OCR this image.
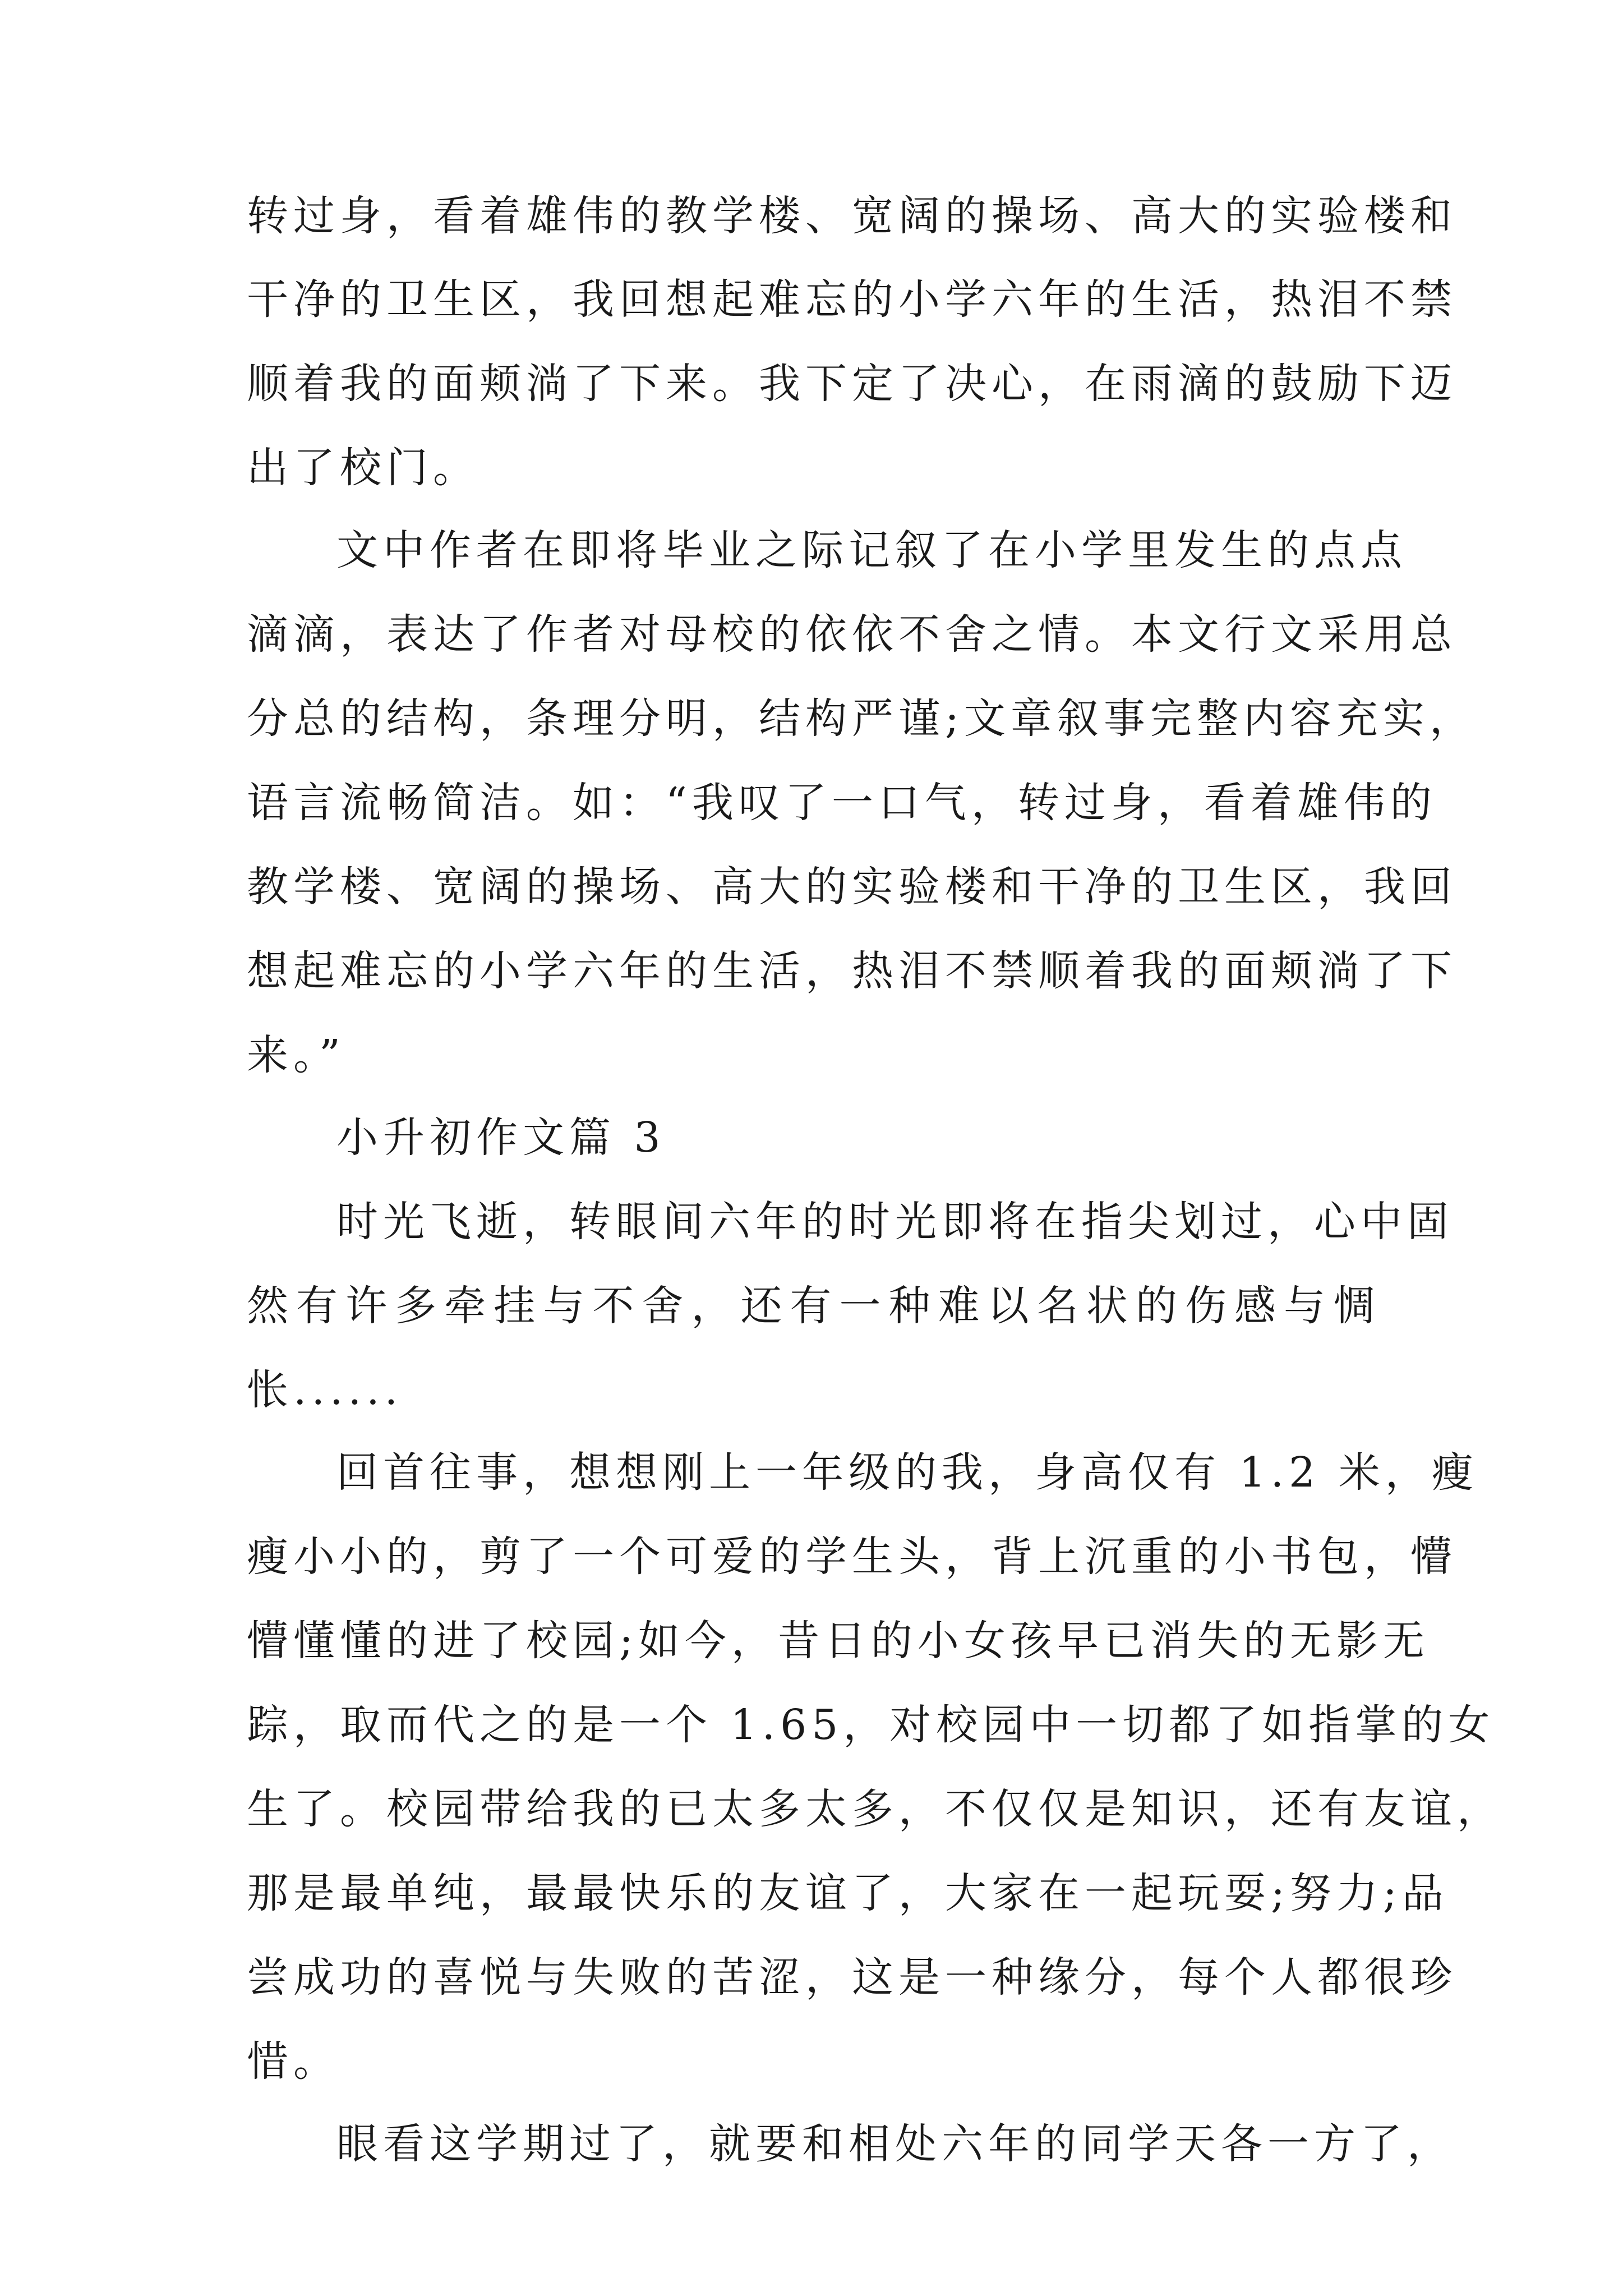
转过身，看着雄伟的教学楼、宽阔的操场、高大的实验楼和
干净的卫生区，我回想起难忘的小学六年的生活，热泪不禁
顺着我的面颊淌了下来。我下定了决心，在雨滴的鼓励下迈
出了校门。
文中作者在即将毕业之际记叙了在小学里发生的点点
滴滴，表达了作者对母校的依依不舍之情。本文行文采用总
分总的结构，条理分明，结构严谨;文章叙事完整内容充实，
语言流畅简洁。如：“我叹了一口气，转过身，看着雄伟的
教学楼、宽阔的操场、高大的实验楼和干净的卫生区，我回
想起难忘的小学六年的生活，热泪不禁顺着我的面颊淌了下
来。”
小升初作文篇 3
时光飞逝，转眼间六年的时光即将在指尖划过，心中固
然有许多牵挂与不舍，还有一种难以名状的伤感与惆
怅......
回首往事，想想刚上一年级的我，身高仅有 1.2 米，瘦
瘦小小的，剪了一个可爱的学生头，背上沉重的小书包，懵
懵懂懂的进了校园;如今，昔日的小女孩早已消失的无影无
踪，取而代之的是一个 1.65，对校园中一切都了如指掌的女
生了。校园带给我的已太多太多，不仅仅是知识，还有友谊，
那是最单纯，最最快乐的友谊了，大家在一起玩耍;努力;品
尝成功的喜悦与失败的苦涩，这是一种缘分，每个人都很珍
惜。
眼看这学期过了，就要和相处六年的同学天各一方了，
